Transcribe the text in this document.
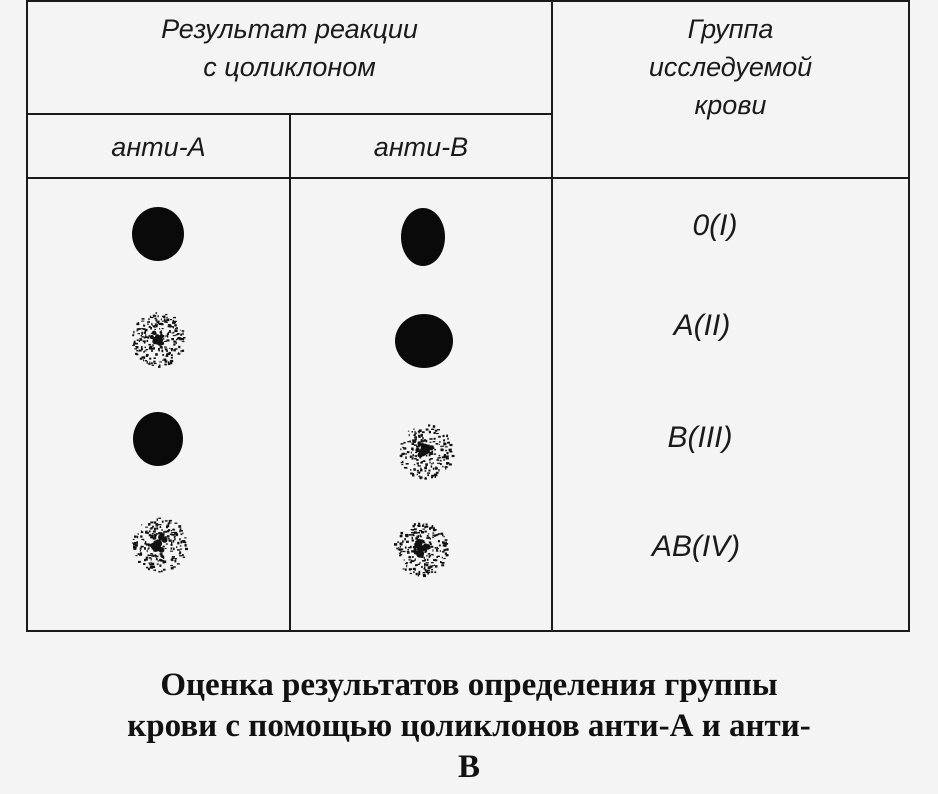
Результат реакции
с цоликлоном
анти-А	анти-В
Группа
исследуемой
крови
0(I)
A(II)
B(III)
AB(IV)
Оценка результатов определения группы
крови с помощью цоликлонов анти-А и анти-
В
